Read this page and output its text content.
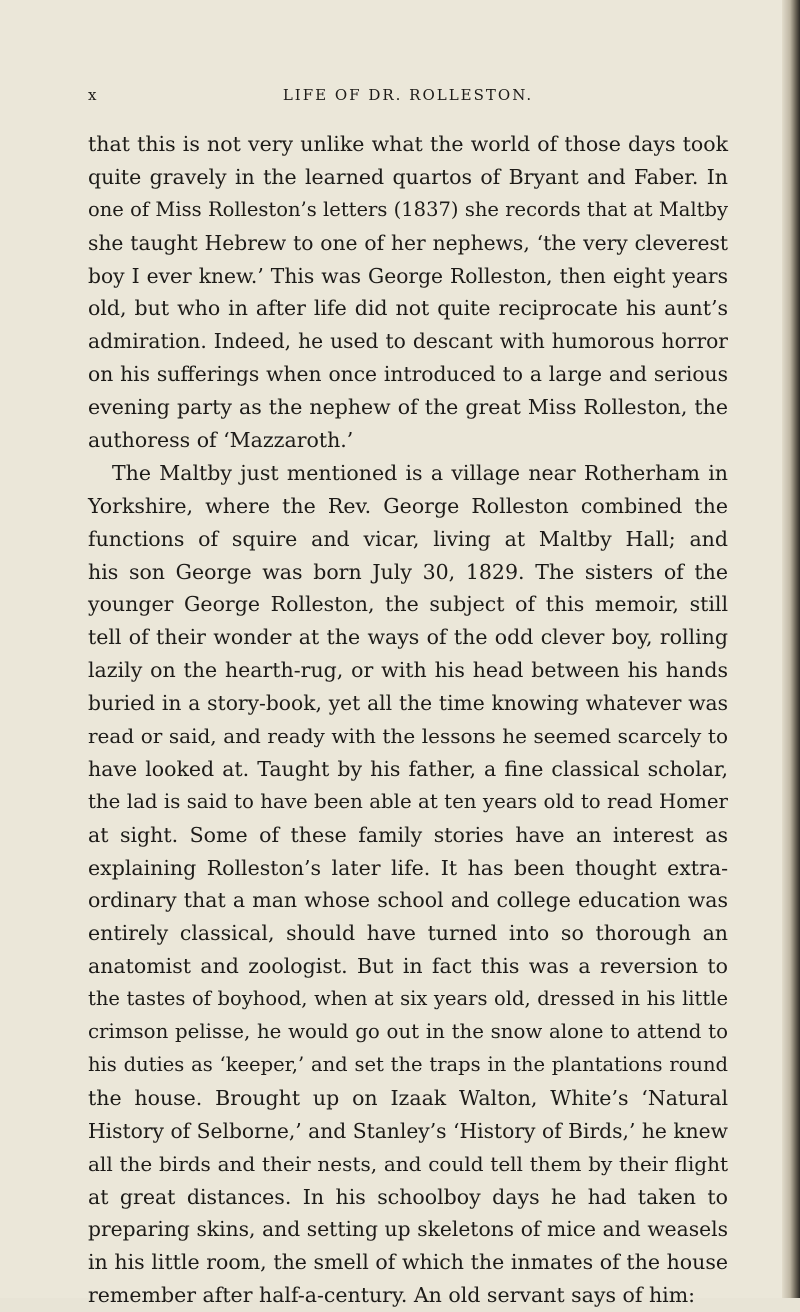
x	LIFE OF DR. ROLLESTON.
that this is not very unlike what the world of those days took
quite gravely in the learned quartos of Bryant and Faber. In
one of Miss Rolleston’s letters (1837) she records that at Maltby
she taught Hebrew to one of her nephews, ‘the very cleverest
boy I ever knew.’ This was George Rolleston, then eight years
old, but who in after life did not quite reciprocate his aunt’s
admiration. Indeed, he used to descant with humorous horror
on his sufferings when once introduced to a large and serious
evening party as the nephew of the great Miss Rolleston, the
authoress of ‘Mazzaroth.’
The Maltby just mentioned is a village near Rotherham in
Yorkshire, where the Rev. George Rolleston combined the
functions of squire and vicar, living at Maltby Hall; and
his son George was born July 30, 1829. The sisters of the
younger George Rolleston, the subject of this memoir, still
tell of their wonder at the ways of the odd clever boy, rolling
lazily on the hearth-rug, or with his head between his hands
buried in a story-book, yet all the time knowing whatever was
read or said, and ready with the lessons he seemed scarcely to
have looked at. Taught by his father, a fine classical scholar,
the lad is said to have been able at ten years old to read Homer
at sight. Some of these family stories have an interest as
explaining Rolleston’s later life. It has been thought extra-
ordinary that a man whose school and college education was
entirely classical, should have turned into so thorough an
anatomist and zoologist. But in fact this was a reversion to
the tastes of boyhood, when at six years old, dressed in his little
crimson pelisse, he would go out in the snow alone to attend to
his duties as ‘keeper,’ and set the traps in the plantations round
the house. Brought up on Izaak Walton, White’s ‘Natural
History of Selborne,’ and Stanley’s ‘History of Birds,’ he knew
all the birds and their nests, and could tell them by their flight
at great distances. In his schoolboy days he had taken to
preparing skins, and setting up skeletons of mice and weasels
in his little room, the smell of which the inmates of the house
remember after half-a-century. An old servant says of him:
